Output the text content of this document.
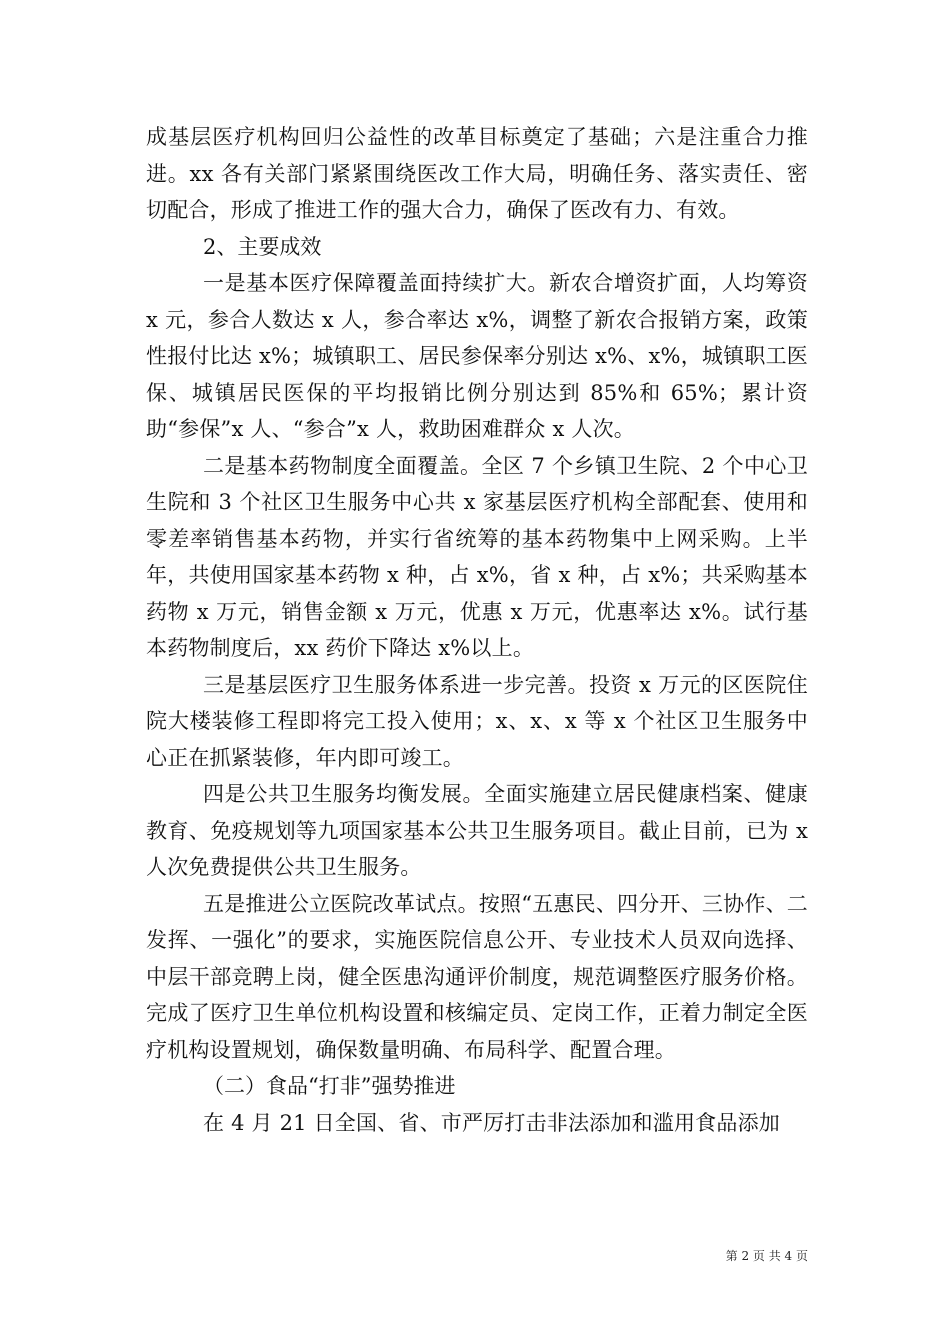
成基层医疗机构回归公益性的改革目标奠定了基础；六是注重合力推进。xx 各有关部门紧紧围绕医改工作大局，明确任务、落实责任、密切配合，形成了推进工作的强大合力，确保了医改有力、有效。

2、主要成效

一是基本医疗保障覆盖面持续扩大。新农合增资扩面，人均筹资 x 元，参合人数达 x 人，参合率达 x%，调整了新农合报销方案，政策性报付比达 x%；城镇职工、居民参保率分别达 x%、x%，城镇职工医保、城镇居民医保的平均报销比例分别达到 85%和 65%；累计资助“参保”x 人、“参合”x 人，救助困难群众 x 人次。

二是基本药物制度全面覆盖。全区 7 个乡镇卫生院、2 个中心卫生院和 3 个社区卫生服务中心共 x 家基层医疗机构全部配套、使用和零差率销售基本药物，并实行省统筹的基本药物集中上网采购。上半年，共使用国家基本药物 x 种，占 x%，省 x 种，占 x%；共采购基本药物 x 万元，销售金额 x 万元，优惠 x 万元，优惠率达 x%。试行基本药物制度后，xx 药价下降达 x%以上。

三是基层医疗卫生服务体系进一步完善。投资 x 万元的区医院住院大楼装修工程即将完工投入使用；x、x、x 等 x 个社区卫生服务中心正在抓紧装修，年内即可竣工。

四是公共卫生服务均衡发展。全面实施建立居民健康档案、健康教育、免疫规划等九项国家基本公共卫生服务项目。截止目前，已为 x 人次免费提供公共卫生服务。

五是推进公立医院改革试点。按照“五惠民、四分开、三协作、二发挥、一强化”的要求，实施医院信息公开、专业技术人员双向选择、中层干部竞聘上岗，健全医患沟通评价制度，规范调整医疗服务价格。完成了医疗卫生单位机构设置和核编定员、定岗工作，正着力制定全医疗机构设置规划，确保数量明确、布局科学、配置合理。

（二）食品“打非”强势推进

在 4 月 21 日全国、省、市严厉打击非法添加和滥用食品添加

第 2 页 共 4 页
